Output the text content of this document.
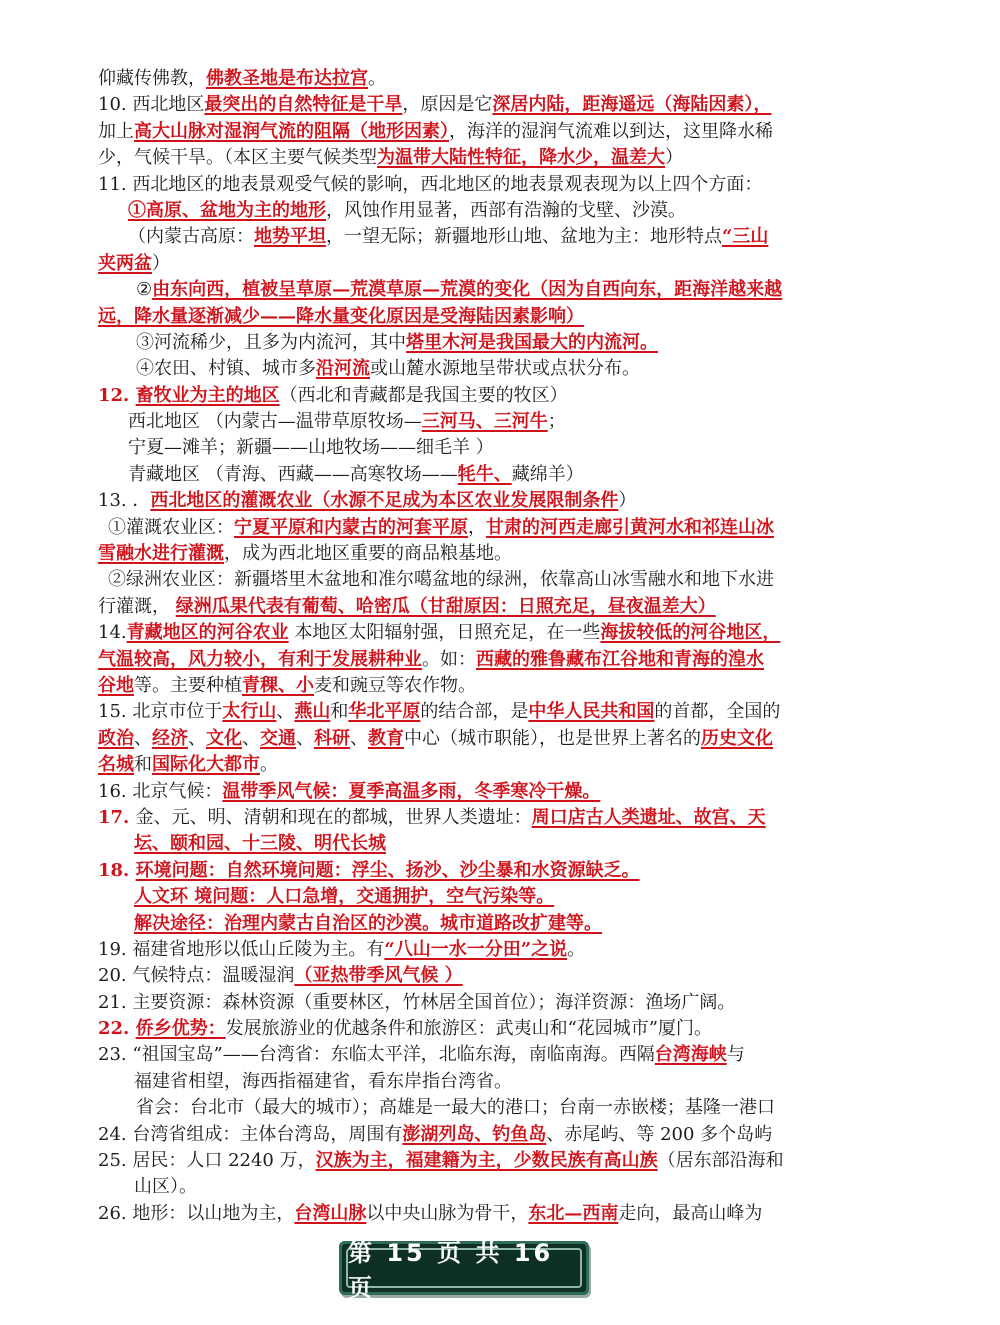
仰藏传佛教，佛教圣地是布达拉宫。
10. 西北地区最突出的自然特征是干旱，原因是它深居内陆，距海遥远（海陆因素），
加上高大山脉对湿润气流的阻隔（地形因素），海洋的湿润气流难以到达，这里降水稀
少，气候干旱。（本区主要气候类型为温带大陆性特征，降水少，温差大）
11. 西北地区的地表景观受气候的影响，西北地区的地表景观表现为以上四个方面：
①高原、盆地为主的地形，风蚀作用显著，西部有浩瀚的戈壁、沙漠。
（内蒙古高原：地势平坦，一望无际；新疆地形山地、盆地为主：地形特点“三山
夹两盆）
②由东向西，植被呈草原—荒漠草原—荒漠的变化（因为自西向东，距海洋越来越
远，降水量逐渐减少——降水量变化原因是受海陆因素影响）
③河流稀少，且多为内流河，其中塔里木河是我国最大的内流河。
④农田、村镇、城市多沿河流或山麓水源地呈带状或点状分布。
12. 畜牧业为主的地区（西北和青藏都是我国主要的牧区）
西北地区 （内蒙古—温带草原牧场—三河马、三河牛；
宁夏—滩羊；新疆——山地牧场——细毛羊 ）
青藏地区 （青海、西藏——高寒牧场——牦牛、藏绵羊）
13. ．西北地区的灌溉农业（水源不足成为本区农业发展限制条件）
①灌溉农业区：宁夏平原和内蒙古的河套平原，甘肃的河西走廊引黄河水和祁连山冰
雪融水进行灌溉，成为西北地区重要的商品粮基地。
②绿洲农业区：新疆塔里木盆地和准尔噶盆地的绿洲，依靠高山冰雪融水和地下水进
行灌溉， 绿洲瓜果代表有葡萄、哈密瓜（甘甜原因：日照充足，昼夜温差大）
14.青藏地区的河谷农业 本地区太阳辐射强，日照充足，在一些海拔较低的河谷地区，
气温较高，风力较小，有利于发展耕种业。如：西藏的雅鲁藏布江谷地和青海的湟水
谷地等。主要种植青稞、小麦和豌豆等农作物。
15. 北京市位于太行山、燕山和华北平原的结合部，是中华人民共和国的首都，全国的
政治、经济、文化、交通、科研、教育中心（城市职能），也是世界上著名的历史文化
名城和国际化大都市。
16. 北京气候：温带季风气候：夏季高温多雨，冬季寒冷干燥。
17. 金、元、明、清朝和现在的都城，世界人类遗址：周口店古人类遗址、故宫、天
坛、颐和园、十三陵、明代长城
18. 环境问题：自然环境问题：浮尘、扬沙、沙尘暴和水资源缺乏。
人文环 境问题：人口急增，交通拥护，空气污染等。
解决途径：治理内蒙古自治区的沙漠。城市道路改扩建等。
19. 福建省地形以低山丘陵为主。有“八山一水一分田”之说。
20. 气候特点：温暖湿润（亚热带季风气候 ）
21. 主要资源：森林资源（重要林区，竹林居全国首位）；海洋资源：渔场广阔。
22. 侨乡优势：发展旅游业的优越条件和旅游区：武夷山和“花园城市”厦门。
23. “祖国宝岛”——台湾省：东临太平洋，北临东海，南临南海。西隔台湾海峡与
福建省相望，海西指福建省，看东岸指台湾省。
省会：台北市（最大的城市）；高雄是一最大的港口；台南一赤嵌楼；基隆一港口
24. 台湾省组成：主体台湾岛，周围有澎湖列岛、钓鱼岛、赤尾屿、等 200 多个岛屿
25. 居民：人口 2240 万，汉族为主，福建籍为主，少数民族有高山族（居东部沿海和
山区）。
26. 地形：以山地为主，台湾山脉以中央山脉为骨干，东北—西南走向，最高山峰为
第 15 页 共 16 页
